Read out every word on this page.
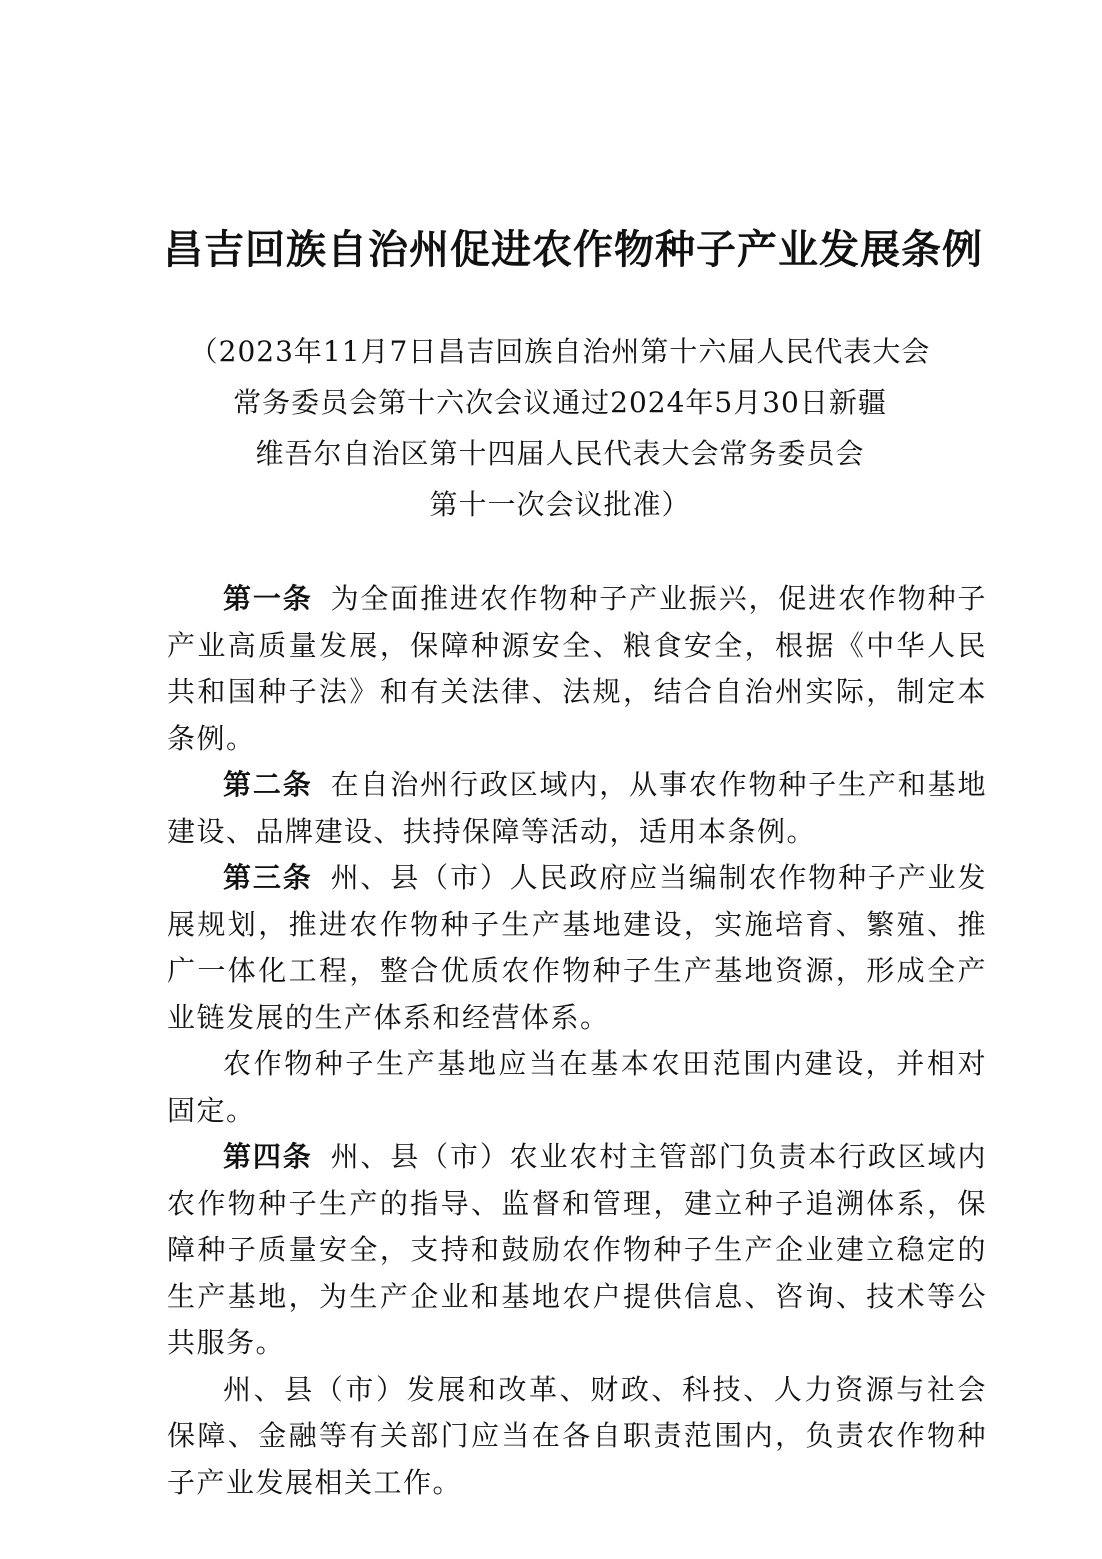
昌吉回族自治州促进农作物种子产业发展条例
（2023年11月7日昌吉回族自治州第十六届人民代表大会
常务委员会第十六次会议通过2024年5月30日新疆
维吾尔自治区第十四届人民代表大会常务委员会
第十一次会议批准）

第一条 为全面推进农作物种子产业振兴，促进农作物种子产业高质量发展，保障种源安全、粮食安全，根据《中华人民共和国种子法》和有关法律、法规，结合自治州实际，制定本条例。

第二条 在自治州行政区域内，从事农作物种子生产和基地建设、品牌建设、扶持保障等活动，适用本条例。

第三条 州、县（市）人民政府应当编制农作物种子产业发展规划，推进农作物种子生产基地建设，实施培育、繁殖、推广一体化工程，整合优质农作物种子生产基地资源，形成全产业链发展的生产体系和经营体系。

农作物种子生产基地应当在基本农田范围内建设，并相对固定。

第四条 州、县（市）农业农村主管部门负责本行政区域内农作物种子生产的指导、监督和管理，建立种子追溯体系，保障种子质量安全，支持和鼓励农作物种子生产企业建立稳定的生产基地，为生产企业和基地农户提供信息、咨询、技术等公共服务。

州、县（市）发展和改革、财政、科技、人力资源与社会保障、金融等有关部门应当在各自职责范围内，负责农作物种子产业发展相关工作。
